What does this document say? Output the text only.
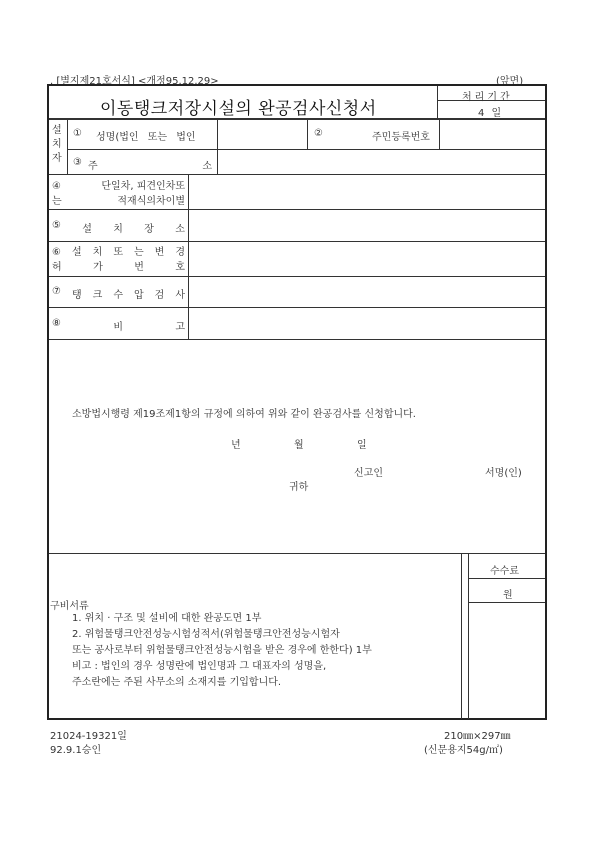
. [별지제21호서식] <개정95.12.29>	(앞면)
이동탱크저장시설의 완공검사신청서
처리기간
4 일
설
치
자
① 성명(법인 또는 법인	②	주민등록번호
③ 주	소
④	단일차, 피견인차또
는	적재식의차이별
⑤ 설 치 장 소
⑥ 설 치 또 는 변 경
허	가	번	호
⑦ 탱 크 수 압 검 사
⑧	비	고
소방법시행령 제19조제1항의 규정에 의하여 위와 같이 완공검사를 신청합니다.
년	월	일
신고인	서명(인)
귀하
수수료
원
구비서류
1. 위치 · 구조 및 설비에 대한 완공도면 1부
2. 위험물탱크안전성능시험성적서(위험물탱크안전성능시험자
또는 공사로부터 위험물탱크안전성능시험을 받은 경우에 한한다) 1부
비고 : 법인의 경우 성명란에 법인명과 그 대표자의 성명을,
주소란에는 주된 사무소의 소재지를 기입합니다.
21024-19321일
92.9.1승인
210㎜×297㎜
(신문용지54g/㎡)
